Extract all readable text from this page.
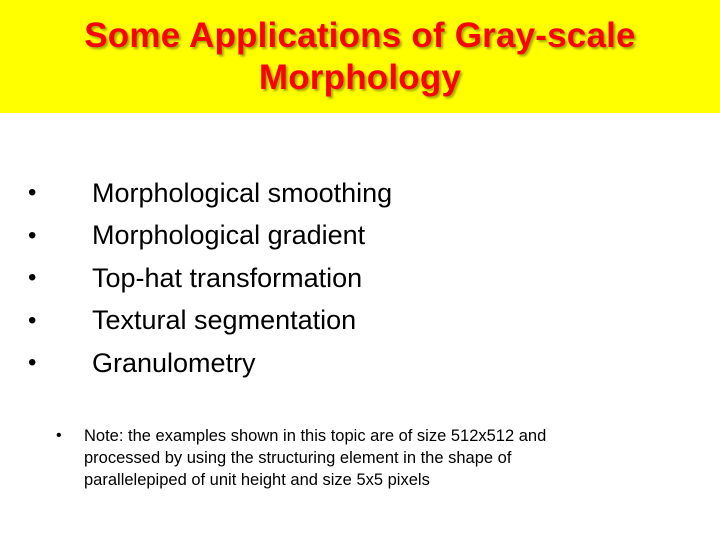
Some Applications of Gray-scale Morphology
•	Morphological smoothing
•	Morphological gradient
•	Top-hat transformation
•	Textural segmentation
•	Granulometry
•	Note: the examples shown in this topic are of size 512x512 and processed by using the structuring element in the shape of parallelepiped of unit height and size 5x5 pixels
